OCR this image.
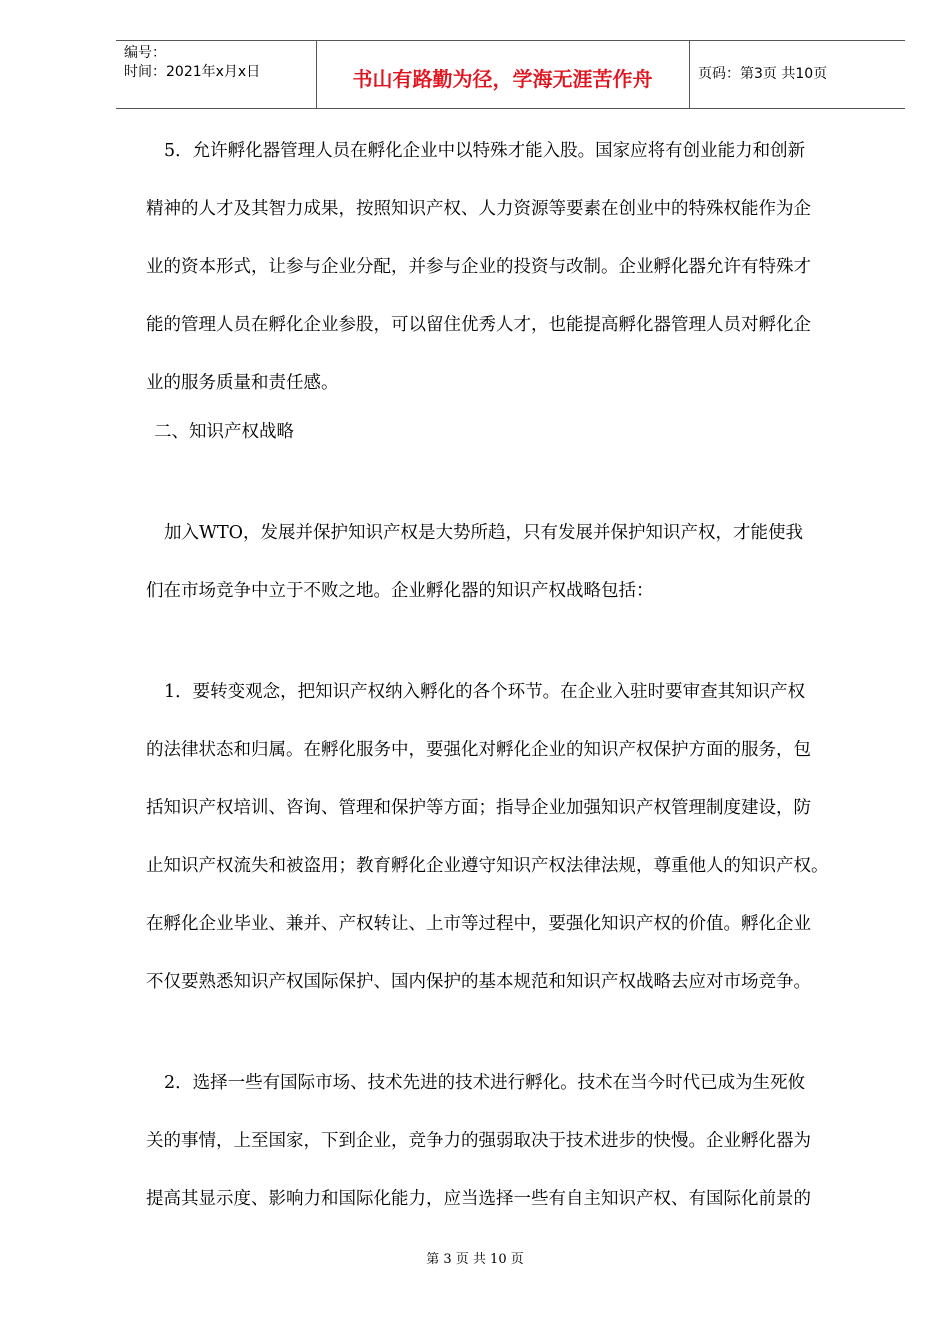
编号：
时间：2021年x月x日	书山有路勤为径，学海无涯苦作舟	页码：第3页 共10页
5．允许孵化器管理人员在孵化企业中以特殊才能入股。国家应将有创业能力和创新
精神的人才及其智力成果，按照知识产权、人力资源等要素在创业中的特殊权能作为企
业的资本形式，让参与企业分配，并参与企业的投资与改制。企业孵化器允许有特殊才
能的管理人员在孵化企业参股，可以留住优秀人才，也能提高孵化器管理人员对孵化企
业的服务质量和责任感。
二、知识产权战略
加入WTO，发展并保护知识产权是大势所趋，只有发展并保护知识产权，才能使我
们在市场竞争中立于不败之地。企业孵化器的知识产权战略包括：
1．要转变观念，把知识产权纳入孵化的各个环节。在企业入驻时要审查其知识产权
的法律状态和归属。在孵化服务中，要强化对孵化企业的知识产权保护方面的服务，包
括知识产权培训、咨询、管理和保护等方面；指导企业加强知识产权管理制度建设，防
止知识产权流失和被盗用；教育孵化企业遵守知识产权法律法规，尊重他人的知识产权。
在孵化企业毕业、兼并、产权转让、上市等过程中，要强化知识产权的价值。孵化企业
不仅要熟悉知识产权国际保护、国内保护的基本规范和知识产权战略去应对市场竞争。
2．选择一些有国际市场、技术先进的技术进行孵化。技术在当今时代已成为生死攸
关的事情，上至国家，下到企业，竞争力的强弱取决于技术进步的快慢。企业孵化器为
提高其显示度、影响力和国际化能力，应当选择一些有自主知识产权、有国际化前景的
第 3 页 共 10 页
